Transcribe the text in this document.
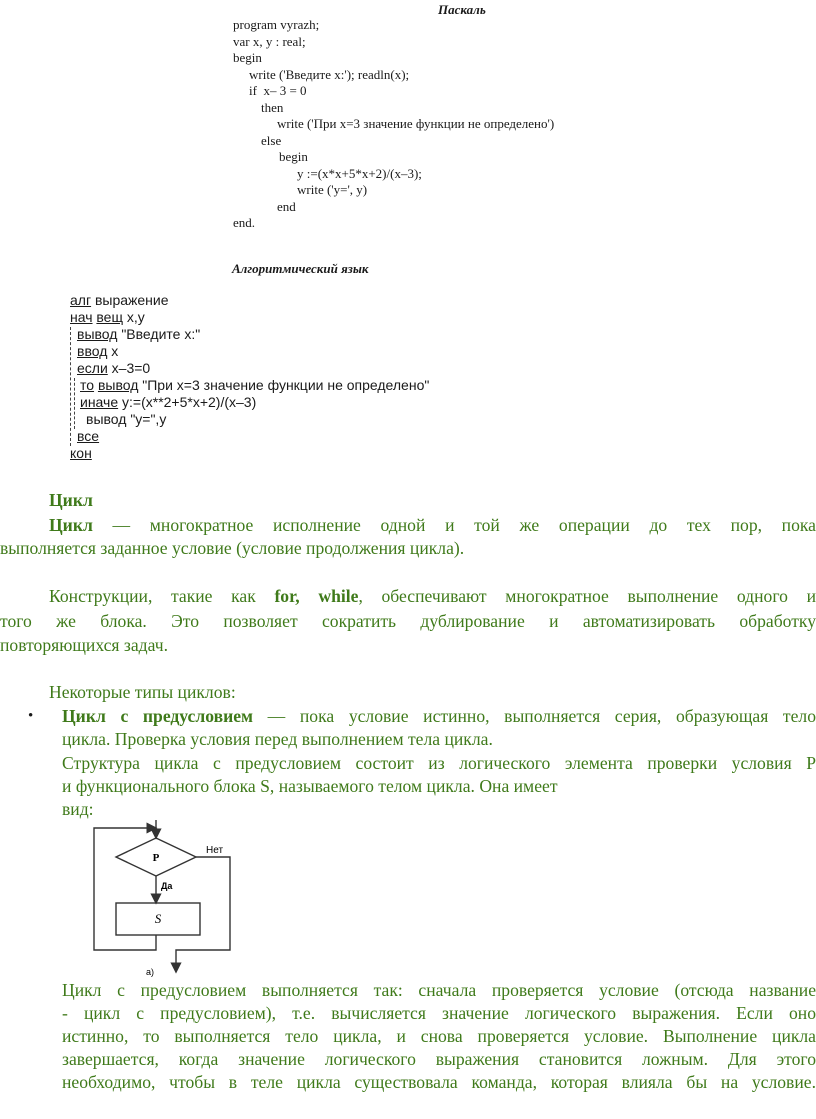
Паскаль
program vyrazh;
var x, y : real;
begin
write ('Введите x:'); readln(x);
if  x– 3 = 0
then
write ('При x=3 значение функции не определено')
else
begin
y :=(x*x+5*x+2)/(x–3);
write ('y=', y)
end
end.
Алгоритмический язык
алг выражение
нач вещ x,y
вывод "Введите x:"
ввод x
если x–3=0
то вывод "При x=3 значение функции не определено"
иначе y:=(x**2+5*x+2)/(x–3)
вывод "y=",y
все
кон
Цикл
Цикл — многократное исполнение одной и той же операции до тех пор, пока
выполняется заданное условие (условие продолжения цикла).
Конструкции, такие как for, while, обеспечивают многократное выполнение одного и
того же блока. Это позволяет сократить дублирование и автоматизировать обработку
повторяющихся задач.
Некоторые типы циклов:
• Цикл с предусловием — пока условие истинно, выполняется серия, образующая тело
цикла. Проверка условия перед выполнением тела цикла.
Структура цикла с предусловием состоит из логического элемента проверки условия P
и функционального блока S, называемого телом цикла. Она имеет
вид:
P
Нет
Да
S
a)
Цикл с предусловием выполняется так: сначала проверяется условие (отсюда название
- цикл с предусловием), т.е. вычисляется значение логического выражения. Если оно
истинно, то выполняется тело цикла, и снова проверяется условие. Выполнение цикла
завершается, когда значение логического выражения становится ложным. Для этого
необходимо, чтобы в теле цикла существовала команда, которая влияла бы на условие.
